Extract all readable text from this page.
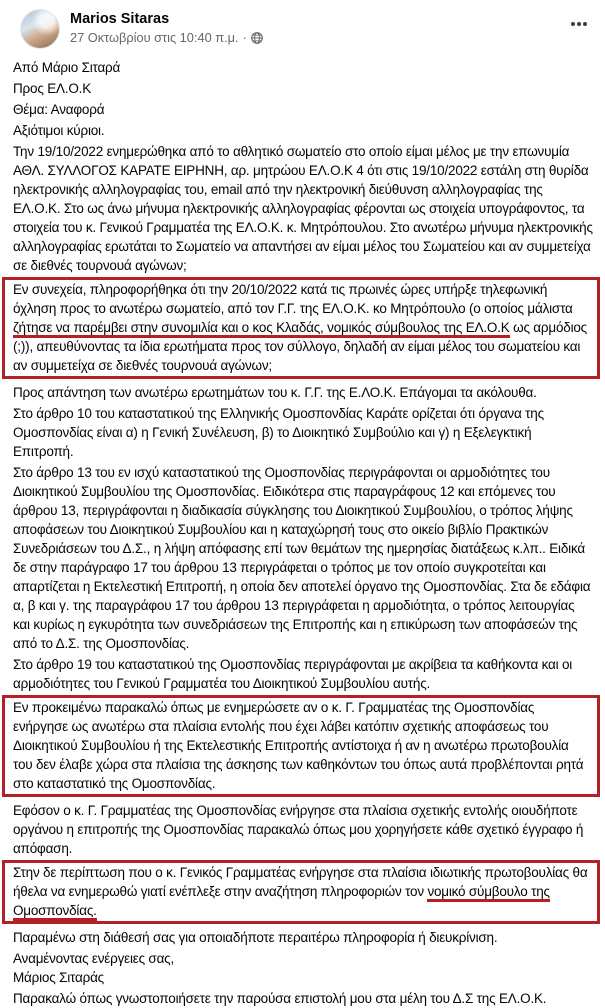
Marios Sitaras
27 Οκτωβρίου στις 10:40 π.μ. ·

Από Μάριο Σιταρά

Προς ΕΛ.Ο.Κ

Θέμα: Αναφορά

Αξιότιμοι κύριοι.

Την 19/10/2022 ενημερώθηκα από το αθλητικό σωματείο στο οποίο είμαι μέλος με την επωνυμία ΑΘΛ. ΣΥΛΛΟΓΟΣ ΚΑΡΑΤΕ ΕΙΡΗΝΗ, αρ. μητρώου ΕΛ.Ο.Κ 4 ότι στις 19/10/2022 εστάλη στη θυρίδα ηλεκτρονικής αλληλογραφίας του, email από την ηλεκτρονική διεύθυνση αλληλογραφίας της ΕΛ.Ο.Κ. Στο ως άνω μήνυμα ηλεκτρονικής αλληλογραφίας φέρονται ως στοιχεία υπογράφοντος, τα στοιχεία του κ. Γενικού Γραμματέα της ΕΛ.Ο.Κ. κ. Μητρόπουλου. Στο ανωτέρω μήνυμα ηλεκτρονικής αλληλογραφίας ερωτάται το Σωματείο να απαντήσει αν είμαι μέλος του Σωματείου και αν συμμετείχα σε διεθνές τουρνουά αγώνων;

Εν συνεχεία, πληροφορήθηκα ότι την 20/10/2022 κατά τις πρωινές ώρες υπήρξε τηλεφωνική όχληση προς το ανωτέρω σωματείο, από τον Γ.Γ. της ΕΛ.Ο.Κ. κο Μητρόπουλο (ο οποίος μάλιστα ζήτησε να παρέμβει στην συνομιλία και ο κος Κλαδάς, νομικός σύμβουλος της ΕΛ.Ο.Κ ως αρμόδιος (;)), απευθύνοντας τα ίδια ερωτήματα προς τον σύλλογο, δηλαδή αν είμαι μέλος του σωματείου και αν συμμετείχα σε διεθνές τουρνουά αγώνων;

Προς απάντηση των ανωτέρω ερωτημάτων του κ. Γ.Γ. της Ε.ΛΟ.Κ. Επάγομαι τα ακόλουθα.

Στο άρθρο 10 του καταστατικού της Ελληνικής Ομοσπονδίας Καράτε ορίζεται ότι όργανα της Ομοσπονδίας είναι α) η Γενική Συνέλευση, β) το Διοικητικό Συμβούλιο και γ) η Εξελεγκτική Επιτροπή.

Στο άρθρο 13 του εν ισχύ καταστατικού της Ομοσπονδίας περιγράφονται οι αρμοδιότητες του Διοικητικού Συμβουλίου της Ομοσπονδίας. Ειδικότερα στις παραγράφους 12 και επόμενες του άρθρου 13, περιγράφονται η διαδικασία σύγκλησης του Διοικητικού Συμβουλίου, ο τρόπος λήψης αποφάσεων του Διοικητικού Συμβουλίου και η καταχώρησή τους στο οικείο βιβλίο Πρακτικών Συνεδριάσεων του Δ.Σ., η λήψη απόφασης επί των θεμάτων της ημερησίας διατάξεως κ.λπ.. Ειδικά δε στην παράγραφο 17 του άρθρου 13 περιγράφεται ο τρόπος με τον οποίο συγκροτείται και απαρτίζεται η Εκτελεστική Επιτροπή, η οποία δεν αποτελεί όργανο της Ομοσπονδίας. Στα δε εδάφια α, β και γ. της παραγράφου 17 του άρθρου 13 περιγράφεται η αρμοδιότητα, ο τρόπος λειτουργίας και κυρίως η εγκυρότητα των συνεδριάσεων της Επιτροπής και η επικύρωση των αποφάσεών της από το Δ.Σ. της Ομοσπονδίας.

Στο άρθρο 19 του καταστατικού της Ομοσπονδίας περιγράφονται με ακρίβεια τα καθήκοντα και οι αρμοδιότητες του Γενικού Γραμματέα του Διοικητικού Συμβουλίου αυτής.

Εν προκειμένω παρακαλώ όπως με ενημερώσετε αν ο κ. Γ. Γραμματέας της Ομοσπονδίας ενήργησε ως ανωτέρω στα πλαίσια εντολής που έχει λάβει κατόπιν σχετικής αποφάσεως του Διοικητικού Συμβουλίου ή της Εκτελεστικής Επιτροπής αντίστοιχα ή αν η ανωτέρω πρωτοβουλία του δεν έλαβε χώρα στα πλαίσια της άσκησης των καθηκόντων του όπως αυτά προβλέπονται ρητά στο καταστατικό της Ομοσπονδίας.

Εφόσον ο κ. Γ. Γραμματέας της Ομοσπονδίας ενήργησε στα πλαίσια σχετικής εντολής οιουδήποτε οργάνου η επιτροπής της Ομοσπονδίας παρακαλώ όπως μου χορηγήσετε κάθε σχετικό έγγραφο ή απόφαση.

Στην δε περίπτωση που ο κ. Γενικός Γραμματέας ενήργησε στα πλαίσια ιδιωτικής πρωτοβουλίας θα ήθελα να ενημερωθώ γιατί ενέπλεξε στην αναζήτηση πληροφοριών τον νομικό σύμβουλο της Ομοσπονδίας.

Παραμένω στη διάθεσή σας για οποιαδήποτε περαιτέρω πληροφορία ή διευκρίνιση.

Αναμένοντας ενέργειες σας,

Μάριος Σιταράς

Παρακαλώ όπως γνωστοποιήσετε την παρούσα επιστολή μου στα μέλη του Δ.Σ της ΕΛ.Ο.Κ.
